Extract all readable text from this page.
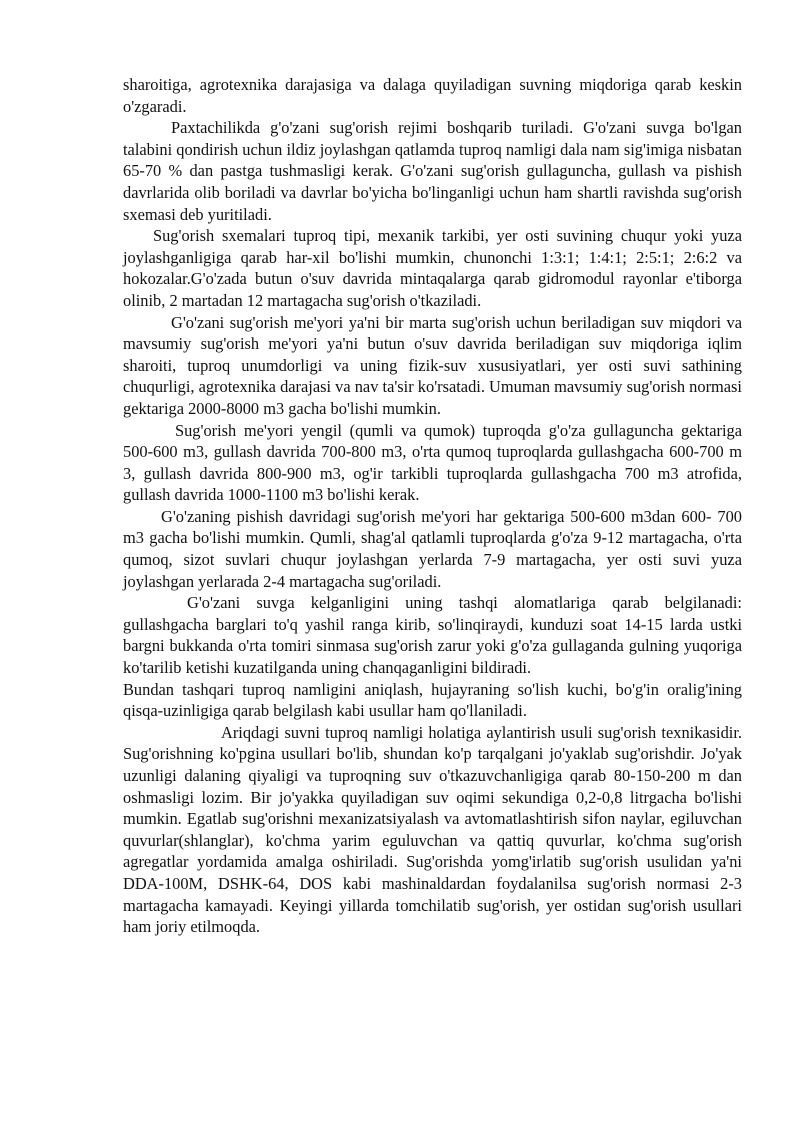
sharoitiga, agrotexnika darajasiga va dalaga quyiladigan suvning miqdoriga qarab keskin o'zgaradi.

Paxtachilikda g'o'zani sug'orish rejimi boshqarib turiladi. G'o'zani suvga bo'lgan talabini qondirish uchun ildiz joylashgan qatlamda tuproq namligi dala nam sig'imiga nisbatan 65-70 % dan pastga tushmasligi kerak. G'o'zani sug'orish gullaguncha, gullash va pishish davrlarida olib boriladi va davrlar bo'yicha bo'linganligi uchun ham shartli ravishda sug'orish sxemasi deb yuritiladi.

Sug'orish sxemalari tuproq tipi, mexanik tarkibi, yer osti suvining chuqur yoki yuza joylashganligiga qarab har-xil bo'lishi mumkin, chunonchi 1:3:1; 1:4:1; 2:5:1; 2:6:2 va hokozalar.G'o'zada butun o'suv davrida mintaqalarga qarab gidromodul rayonlar e'tiborga olinib, 2 martadan 12 martagacha sug'orish o'tkaziladi.

G'o'zani sug'orish me'yori ya'ni bir marta sug'orish uchun beriladigan suv miqdori va mavsumiy sug'orish me'yori ya'ni butun o'suv davrida beriladigan suv miqdoriga iqlim sharoiti, tuproq unumdorligi va uning fizik-suv xususiyatlari, yer osti suvi sathining chuqurligi, agrotexnika darajasi va nav ta'sir ko'rsatadi. Umuman mavsumiy sug'orish normasi gektariga 2000-8000 m3 gacha bo'lishi mumkin.

Sug'orish me'yori yengil (qumli va qumok) tuproqda g'o'za gullaguncha gektariga 500-600 m3, gullash davrida 700-800 m3, o'rta qumoq tuproqlarda gullashgacha 600-700 m 3, gullash davrida 800-900 m3, og'ir tarkibli tuproqlarda gullashgacha 700 m3 atrofida, gullash davrida 1000-1100 m3 bo'lishi kerak.

G'o'zaning pishish davridagi sug'orish me'yori har gektariga 500-600 m3dan 600- 700 m3 gacha bo'lishi mumkin. Qumli, shag'al qatlamli tuproqlarda g'o'za 9-12 martagacha, o'rta qumoq, sizot suvlari chuqur joylashgan yerlarda 7-9 martagacha, yer osti suvi yuza joylashgan yerlarada 2-4 martagacha sug'oriladi.

G'o'zani suvga kelganligini uning tashqi alomatlariga qarab belgilanadi: gullashgacha barglari to'q yashil ranga kirib, so'linqiraydi, kunduzi soat 14-15 larda ustki bargni bukkanda o'rta tomiri sinmasa sug'orish zarur yoki g'o'za gullaganda gulning yuqoriga ko'tarilib ketishi kuzatilganda uning chanqaganligini bildiradi.

Bundan tashqari tuproq namligini aniqlash, hujayraning so'lish kuchi, bo'g'in oralig'ining qisqa-uzinligiga qarab belgilash kabi usullar ham qo'llaniladi.

Ariqdagi suvni tuproq namligi holatiga aylantirish usuli sug'orish texnikasidir. Sug'orishning ko'pgina usullari bo'lib, shundan ko'p tarqalgani jo'yaklab sug'orishdir. Jo'yak uzunligi dalaning qiyaligi va tuproqning suv o'tkazuvchanligiga qarab 80-150-200 m dan oshmasligi lozim. Bir jo'yakka quyiladigan suv oqimi sekundiga 0,2-0,8 litrgacha bo'lishi mumkin. Egatlab sug'orishni mexanizatsiyalash va avtomatlashtirish sifon naylar, egiluvchan quvurlar(shlanglar), ko'chma yarim eguluvchan va qattiq quvurlar, ko'chma sug'orish agregatlar yordamida amalga oshiriladi. Sug'orishda yomg'irlatib sug'orish usulidan ya'ni DDA-100M, DSHK-64, DOS kabi mashinaldardan foydalanilsa sug'orish normasi 2-3 martagacha kamayadi. Keyingi yillarda tomchilatib sug'orish, yer ostidan sug'orish usullari ham joriy etilmoqda.
